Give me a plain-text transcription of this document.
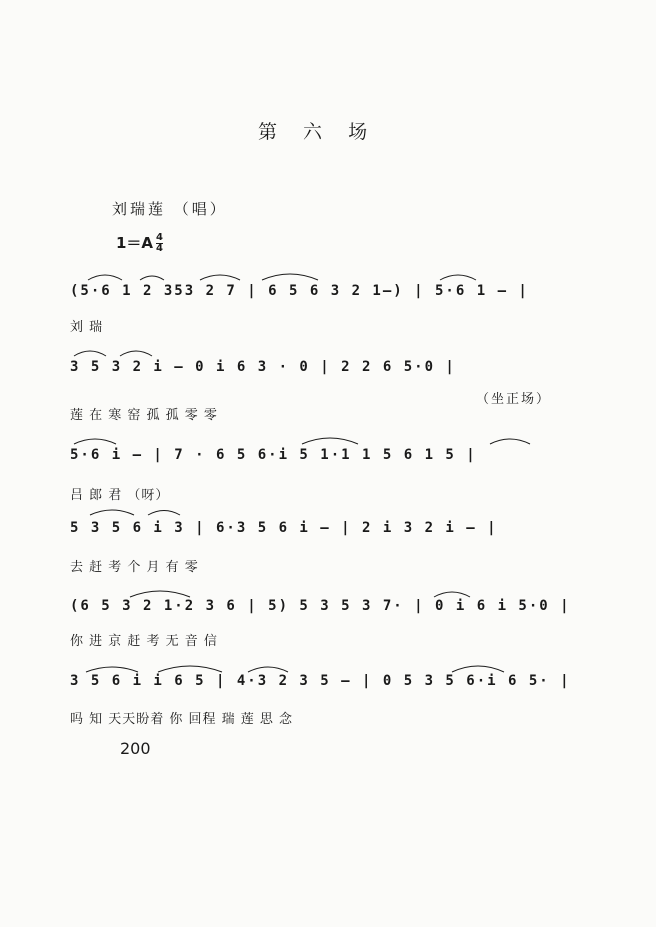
第 六 场
刘瑞莲 （唱）
$1=A \frac{4}{4}$
(5·6 1 2 353 2 7 | 6 5 6 3 2 1—) | 5·6 1 — |
刘 瑞
3 5 3 2 i — 0 i 6 3 · 0 | 2 2 6 5·0 |
（坐正场）
莲 在 寒 窑 孤 孤 零 零
5·6 i — | 7 · 6 5 6·i 5 1·1 1 5 6 1 5 |
吕 郎 君 （呀）
5 3 5 6 i 3 | 6·3 5 6 i — | 2 i 3 2 i — |
去 赶 考 个 月 有 零
(6 5 3 2 1·2 3 6 | 5) 5 3 5 3 7· | 0 i 6 i 5·0 |
你 进 京 赶 考 无 音 信
3 5 6 i i 6 5 | 4·3 2 3 5 — | 0 5 3 5 6·i 6 5· |
吗 知 天天盼着 你 回程 瑞 莲 思 念
200
